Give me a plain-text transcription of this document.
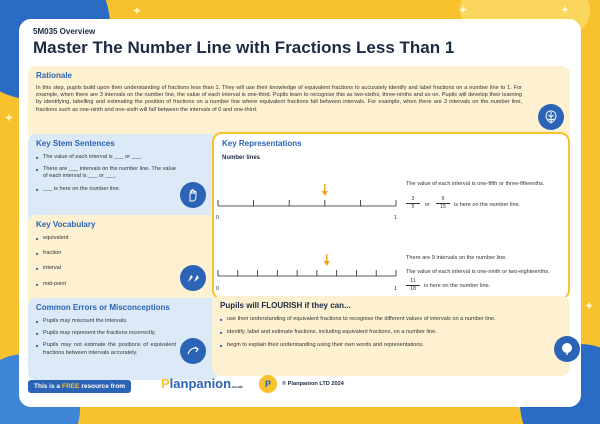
✦	✦
✦
✦
✦
5M035 Overview
Master The Number Line with Fractions Less Than 1
Rationale

In this step, pupils build upon their understanding of fractions less than 1. They will use their knowledge of equivalent fractions to accurately identify and label fractions on a number line to 1. For example, when there are 3 intervals on the number line, the value of each interval is one-third. Pupils learn to recognise this as two-sixths, three-ninths and so on. Pupils will develop their learning by identifying, labelling and estimating the position of fractions on a number line where equivalent fractions fall between intervals. For example, when there are 3 intervals on the number line, fractions such as one-ninth and one-sixth will fall between the intervals of 0 and one-third.

Key Stem Sentences
■ The value of each interval is ___ or ___.
■ There are ___ intervals on the number line. The value of each interval is ___ or ___.
■ ___ is here on the number line.
Key Vocabulary
■ equivalent
■ fraction
■ interval
■ mid-point
Common Errors or Misconceptions
■ Pupils may miscount the intervals.
■ Pupils may represent the fractions incorrectly.
■ Pupils may not estimate the positions of equivalent fractions between intervals accurately.
Key Representations
Number lines
0	1
The value of each interval is one-fifth or three-fifteenths.
$\frac{3}{5}$ or $\frac{9}{15}$ is here on the number line.
0	1
There are 9 intervals on the number line.
The value of each interval is one-ninth or two-eighteenths.
$\frac{11}{18}$ is here on the number line.
Pupils will FLOURISH if they can...
■ use their understanding of equivalent fractions to recognise the different values of intervals on a number line.
■ identify, label and estimate fractions, including equivalent fractions, on a number line.
■ begin to explain their understanding using their own words and representations.
This is a FREE resource from	Planpanion.co.uk	P	© Planpanion LTD 2024
